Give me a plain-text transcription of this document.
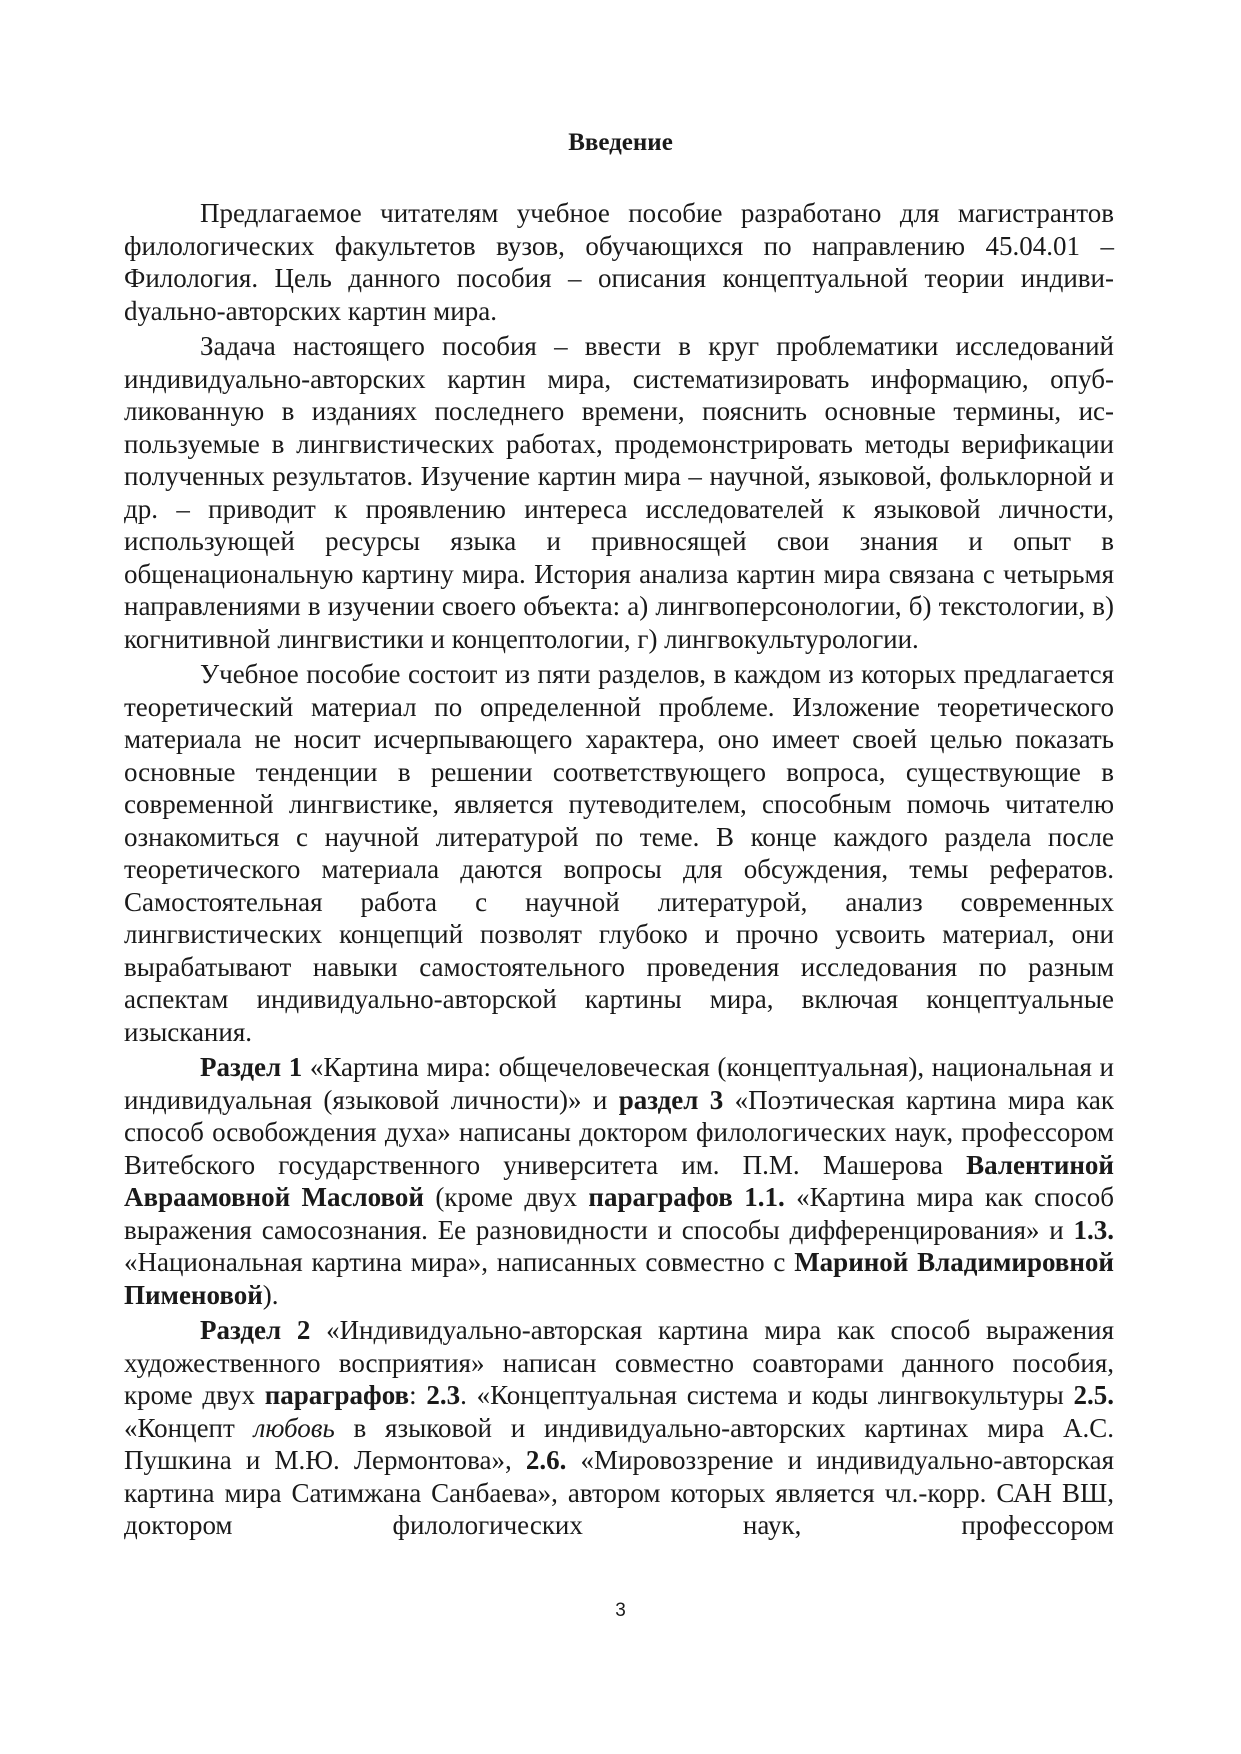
Введение

Предлагаемое читателям учебное пособие разработано для магистрантов филологических факультетов вузов, обучающихся по направлению 45.04.01 – Филология. Цель данного пособия – описания концептуальной теории индивиdуально-авторских картин мира.

Задача настоящего пособия – ввести в круг проблематики исследований индивидуально-авторских картин мира, систематизировать информацию, опубликованную в изданиях последнего времени, пояснить основные термины, используемые в лингвистических работах, продемонстрировать методы верификации полученных результатов. Изучение картин мира – научной, языковой, фольклорной и др. – приводит к проявлению интереса исследователей к языковой личности, использующей ресурсы языка и привносящей свои знания и опыт в общенациональную картину мира. История анализа картин мира связана с четырьмя направлениями в изучении своего объекта: а) лингвоперсонологии, б) текстологии, в) когнитивной лингвистики и концептологии, г) лингвокультурологии.

Учебное пособие состоит из пяти разделов, в каждом из которых предлагается теоретический материал по определенной проблеме. Изложение теоретического материала не носит исчерпывающего характера, оно имеет своей целью показать основные тенденции в решении соответствующего вопроса, существующие в современной лингвистике, является путеводителем, способным помочь читателю ознакомиться с научной литературой по теме. В конце каждого раздела после теоретического материала даются вопросы для обсуждения, темы рефератов. Самостоятельная работа с научной литературой, анализ современных лингвистических концепций позволят глубоко и прочно усвоить материал, они вырабатывают навыки самостоятельного проведения исследования по разным аспектам индивидуально-авторской картины мира, включая концептуальные изыскания.

Раздел 1 «Картина мира: общечеловеческая (концептуальная), национальная и индивидуальная (языковой личности)» и раздел 3 «Поэтическая картина мира как способ освобождения духа» написаны доктором филологических наук, профессором Витебского государственного университета им. П.М. Машерова Валентиной Авраамовной Масловой (кроме двух параграфов 1.1. «Картина мира как способ выражения самосознания. Ее разновидности и способы дифференцирования» и 1.3. «Национальная картина мира», написанных совместно с Мариной Владимировной Пименовой).

Раздел 2 «Индивидуально-авторская картина мира как способ выражения художественного восприятия» написан совместно соавторами данного пособия, кроме двух параграфов: 2.3. «Концептуальная система и коды лингвокультуры 2.5. «Концепт любовь в языковой и индивидуально-авторских картинах мира А.С. Пушкина и М.Ю. Лермонтова», 2.6. «Мировоззрение и индивидуально-авторская картина мира Сатимжана Санбаева», автором которых является чл.-корр. САН ВШ, доктором филологических наук, профессором

3
